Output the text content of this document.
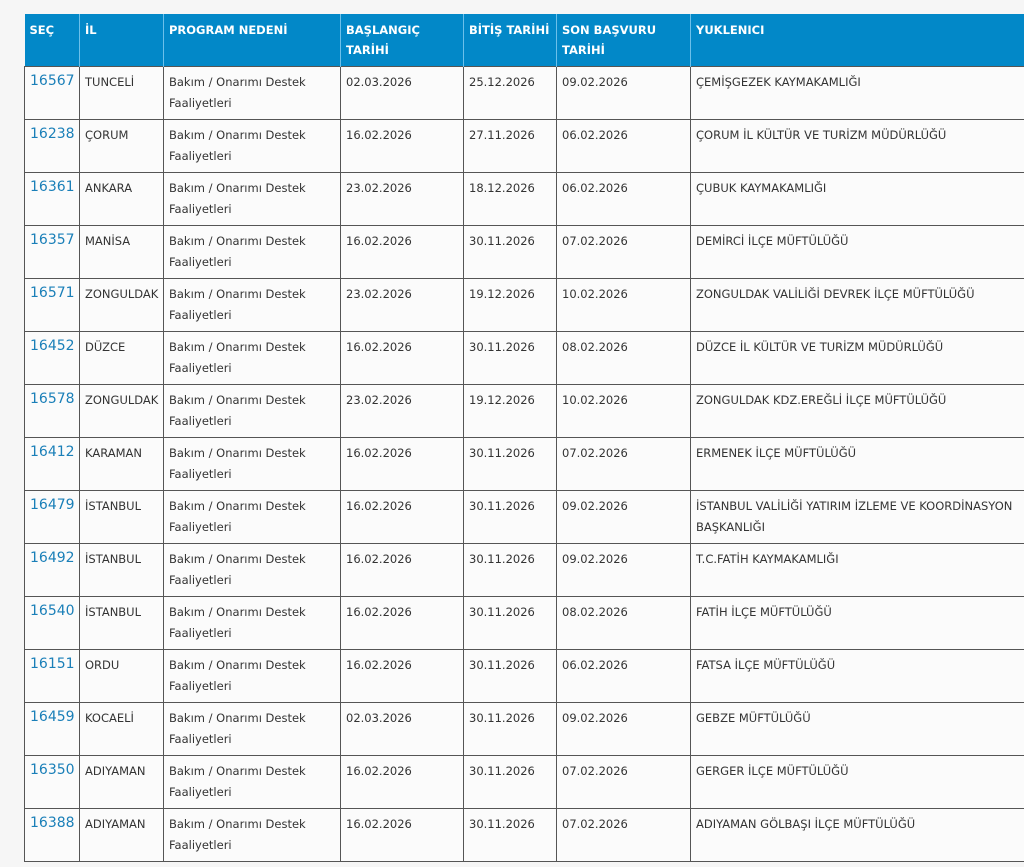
SEÇ	İL	PROGRAM NEDENİ	BAŞLANGIÇ TARİHİ	BİTİŞ TARİHİ	SON BAŞVURU TARİHİ	YUKLENICI
16567	TUNCELİ	Bakım / Onarımı Destek Faaliyetleri	02.03.2026	25.12.2026	09.02.2026	ÇEMİŞGEZEK KAYMAKAMLIĞI
16238	ÇORUM	Bakım / Onarımı Destek Faaliyetleri	16.02.2026	27.11.2026	06.02.2026	ÇORUM İL KÜLTÜR VE TURİZM MÜDÜRLÜĞÜ
16361	ANKARA	Bakım / Onarımı Destek Faaliyetleri	23.02.2026	18.12.2026	06.02.2026	ÇUBUK KAYMAKAMLIĞI
16357	MANİSA	Bakım / Onarımı Destek Faaliyetleri	16.02.2026	30.11.2026	07.02.2026	DEMİRCİ İLÇE MÜFTÜLÜĞÜ
16571	ZONGULDAK	Bakım / Onarımı Destek Faaliyetleri	23.02.2026	19.12.2026	10.02.2026	ZONGULDAK VALİLİĞİ DEVREK İLÇE MÜFTÜLÜĞÜ
16452	DÜZCE	Bakım / Onarımı Destek Faaliyetleri	16.02.2026	30.11.2026	08.02.2026	DÜZCE İL KÜLTÜR VE TURİZM MÜDÜRLÜĞÜ
16578	ZONGULDAK	Bakım / Onarımı Destek Faaliyetleri	23.02.2026	19.12.2026	10.02.2026	ZONGULDAK KDZ.EREĞLİ İLÇE MÜFTÜLÜĞÜ
16412	KARAMAN	Bakım / Onarımı Destek Faaliyetleri	16.02.2026	30.11.2026	07.02.2026	ERMENEK İLÇE MÜFTÜLÜĞÜ
16479	İSTANBUL	Bakım / Onarımı Destek Faaliyetleri	16.02.2026	30.11.2026	09.02.2026	İSTANBUL VALİLİĞİ YATIRIM İZLEME VE KOORDİNASYON BAŞKANLIĞI
16492	İSTANBUL	Bakım / Onarımı Destek Faaliyetleri	16.02.2026	30.11.2026	09.02.2026	T.C.FATİH KAYMAKAMLIĞI
16540	İSTANBUL	Bakım / Onarımı Destek Faaliyetleri	16.02.2026	30.11.2026	08.02.2026	FATİH İLÇE MÜFTÜLÜĞÜ
16151	ORDU	Bakım / Onarımı Destek Faaliyetleri	16.02.2026	30.11.2026	06.02.2026	FATSA İLÇE MÜFTÜLÜĞÜ
16459	KOCAELİ	Bakım / Onarımı Destek Faaliyetleri	02.03.2026	30.11.2026	09.02.2026	GEBZE MÜFTÜLÜĞÜ
16350	ADIYAMAN	Bakım / Onarımı Destek Faaliyetleri	16.02.2026	30.11.2026	07.02.2026	GERGER İLÇE MÜFTÜLÜĞÜ
16388	ADIYAMAN	Bakım / Onarımı Destek Faaliyetleri	16.02.2026	30.11.2026	07.02.2026	ADIYAMAN GÖLBAŞI İLÇE MÜFTÜLÜĞÜ
